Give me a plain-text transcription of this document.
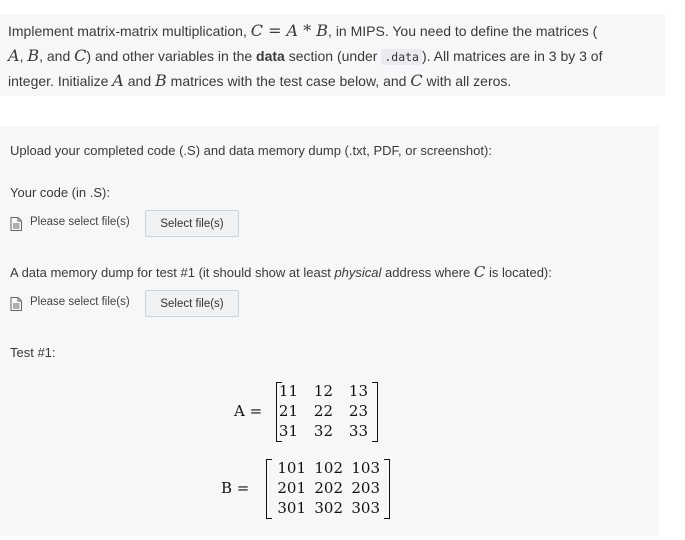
Implement matrix-matrix multiplication, C = A * B, in MIPS. You need to define the matrices (
A, B, and C) and other variables in the data section (under .data ). All matrices are in 3 by 3 of
integer. Initialize A and B matrices with the test case below, and C with all zeros.
Upload your completed code (.S) and data memory dump (.txt, PDF, or screenshot):
Your code (in .S):
Please select file(s)	Select file(s)
A data memory dump for test #1 (it should show at least physical address where C is located):
Please select file(s)	Select file(s)
Test #1:
A =
11 12 13
21 22 23
31 32 33
B =
101 102 103
201 202 203
301 302 303
